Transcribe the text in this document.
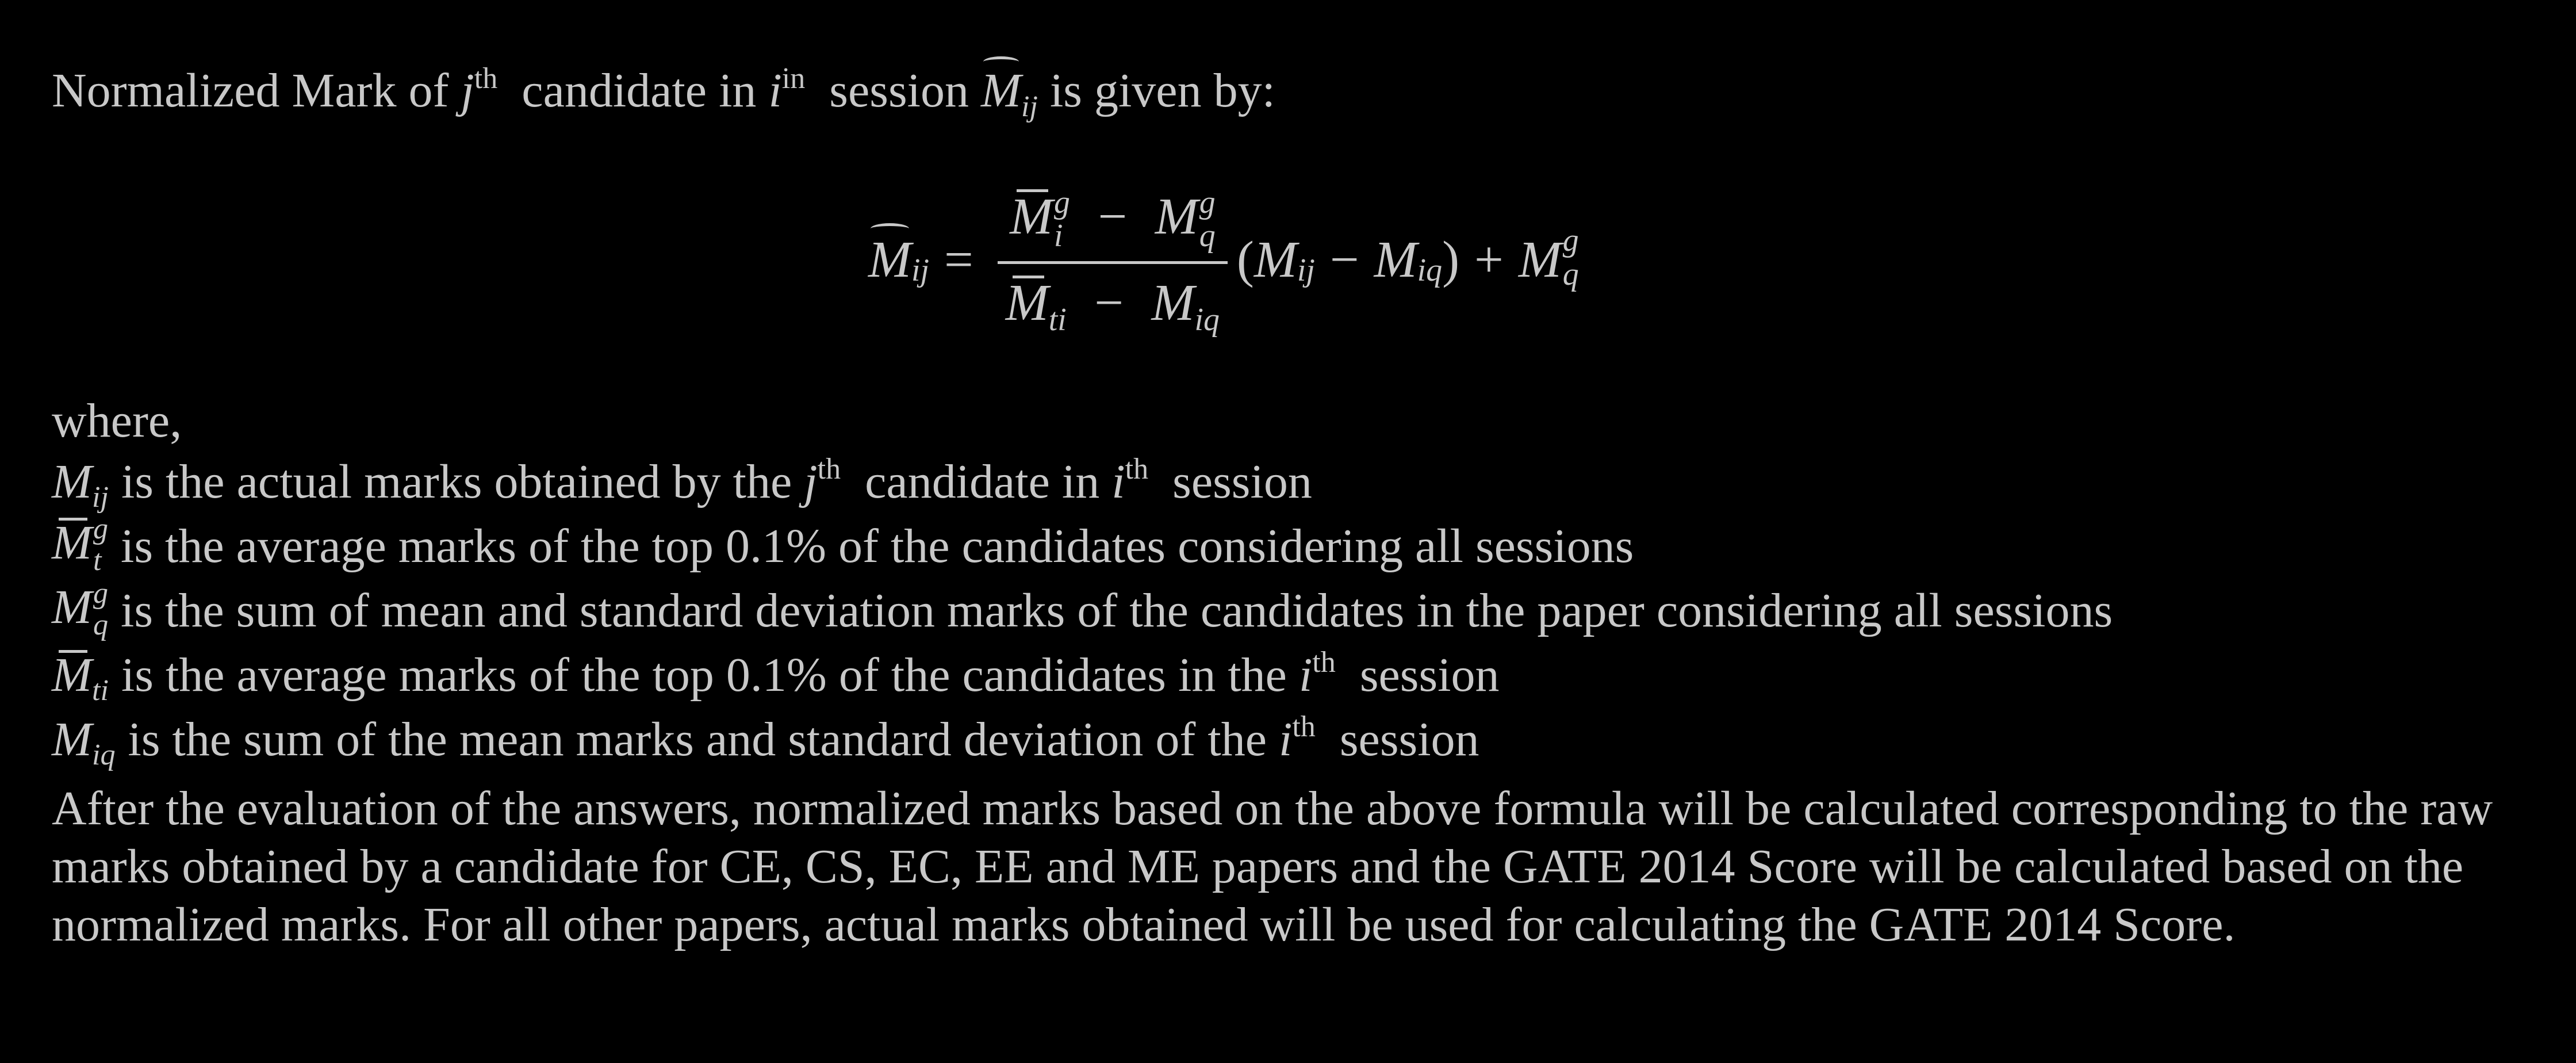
Normalized Mark of $j^{th}$ candidate in $i^{in}$ session $M_{ij}$ is given by:

$M_{ij}$ =
M g
i − M g
q
$M_{ti} - M_{iq}$
( $M_{ij} - M_{iq}$ ) + M g
q

where,

$M_{ij}$ is the actual marks obtained by the
$j^{th}$
candidate in
$i^{th}$
session
M g
t is the average marks of the top
0.1%
of the candidates considering all sessions
M g
q is the sum of mean and standard deviation marks of the candidates in the paper considering all sessions
$M_{ti}$ is the average marks of the top
0.1%
of the candidates in the
$i^{th}$
session
$M_{iq}$ is the sum of the mean marks and standard deviation of the
$i^{th}$
session

After the evaluation of the answers, normalized marks based on the above formula will be calculated corresponding to the raw marks obtained by a candidate for CE, CS, EC, EE and ME papers and the GATE 2014 Score will be calculated based on the normalized marks. For all other papers, actual marks obtained will be used for calculating the GATE 2014 Score.
